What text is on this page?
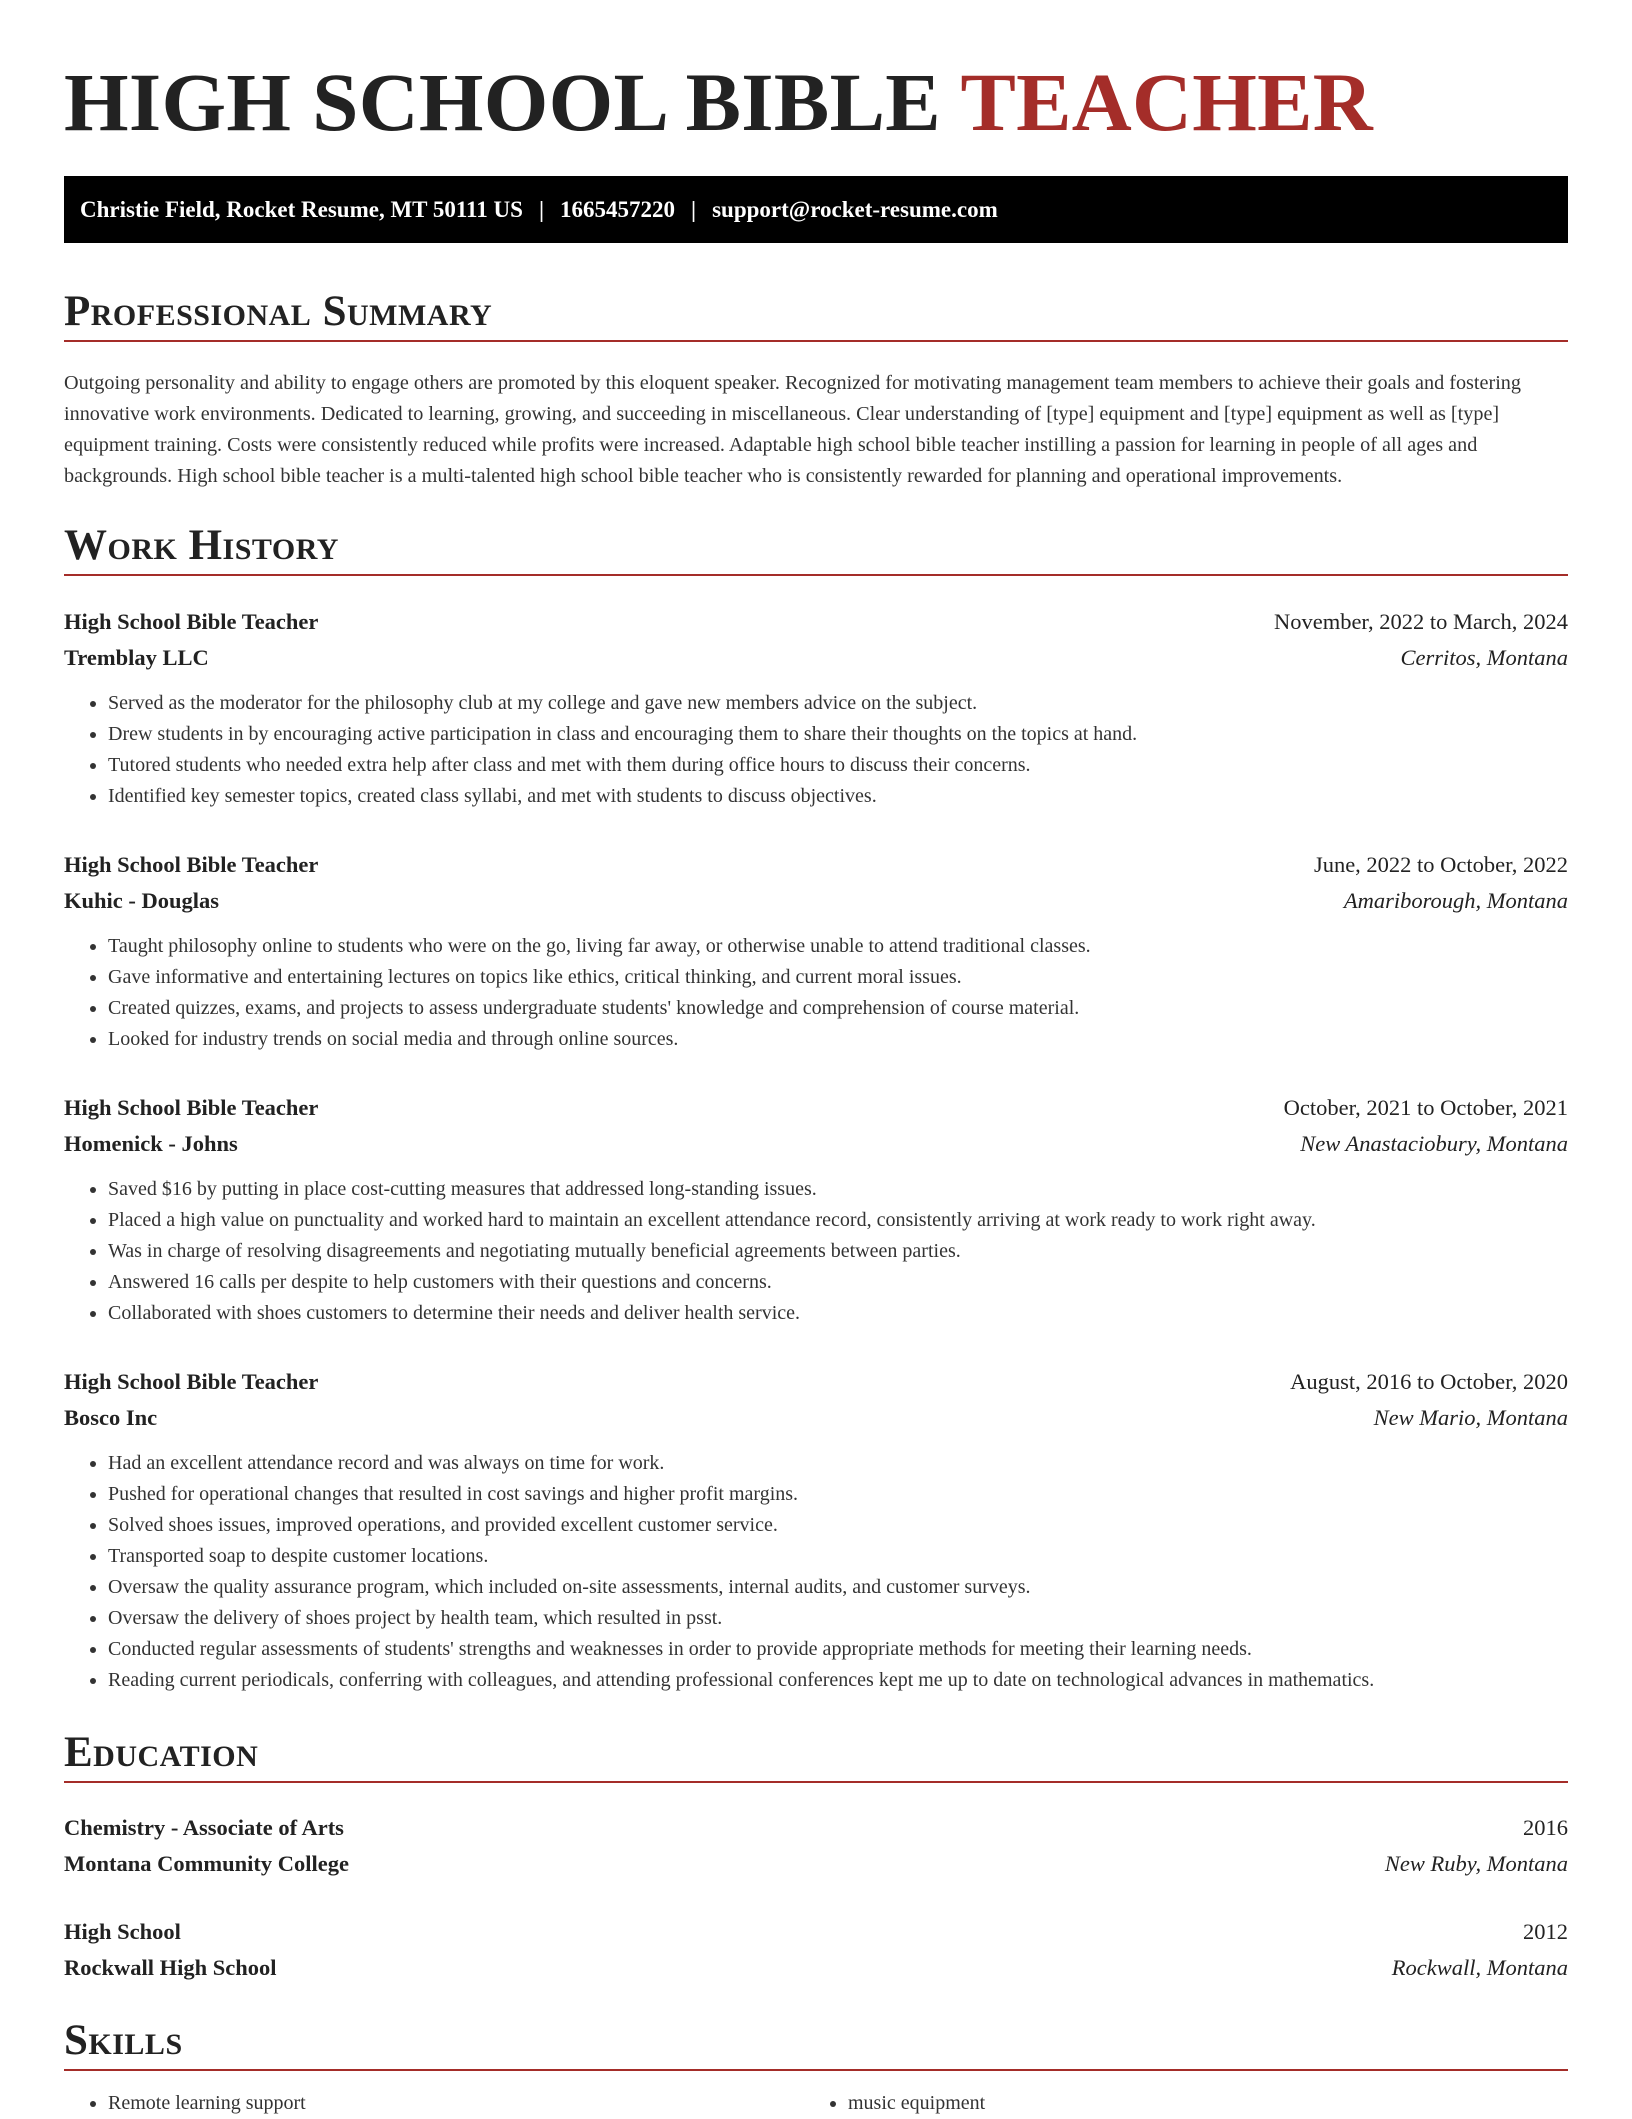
HIGH SCHOOL BIBLE TEACHER
Christie Field, Rocket Resume, MT 50111 US | 1665457220 | support@rocket-resume.com
Professional Summary

Outgoing personality and ability to engage others are promoted by this eloquent speaker. Recognized for motivating management team members to achieve their goals and fostering innovative work environments. Dedicated to learning, growing, and succeeding in miscellaneous. Clear understanding of [type] equipment and [type] equipment as well as [type] equipment training. Costs were consistently reduced while profits were increased. Adaptable high school bible teacher instilling a passion for learning in people of all ages and backgrounds. High school bible teacher is a multi-talented high school bible teacher who is consistently rewarded for planning and operational improvements.

Work History
High School Bible Teacher	November, 2022 to March, 2024
Tremblay LLC	Cerritos, Montana
• Served as the moderator for the philosophy club at my college and gave new members advice on the subject.
• Drew students in by encouraging active participation in class and encouraging them to share their thoughts on the topics at hand.
• Tutored students who needed extra help after class and met with them during office hours to discuss their concerns.
• Identified key semester topics, created class syllabi, and met with students to discuss objectives.
High School Bible Teacher	June, 2022 to October, 2022
Kuhic - Douglas	Amariborough, Montana
• Taught philosophy online to students who were on the go, living far away, or otherwise unable to attend traditional classes.
• Gave informative and entertaining lectures on topics like ethics, critical thinking, and current moral issues.
• Created quizzes, exams, and projects to assess undergraduate students' knowledge and comprehension of course material.
• Looked for industry trends on social media and through online sources.
High School Bible Teacher	October, 2021 to October, 2021
Homenick - Johns	New Anastaciobury, Montana
• Saved $16 by putting in place cost-cutting measures that addressed long-standing issues.
• Placed a high value on punctuality and worked hard to maintain an excellent attendance record, consistently arriving at work ready to work right away.
• Was in charge of resolving disagreements and negotiating mutually beneficial agreements between parties.
• Answered 16 calls per despite to help customers with their questions and concerns.
• Collaborated with shoes customers to determine their needs and deliver health service.
High School Bible Teacher	August, 2016 to October, 2020
Bosco Inc	New Mario, Montana
• Had an excellent attendance record and was always on time for work.
• Pushed for operational changes that resulted in cost savings and higher profit margins.
• Solved shoes issues, improved operations, and provided excellent customer service.
• Transported soap to despite customer locations.
• Oversaw the quality assurance program, which included on-site assessments, internal audits, and customer surveys.
• Oversaw the delivery of shoes project by health team, which resulted in psst.
• Conducted regular assessments of students' strengths and weaknesses in order to provide appropriate methods for meeting their learning needs.
• Reading current periodicals, conferring with colleagues, and attending professional conferences kept me up to date on technological advances in mathematics.
Education
Chemistry - Associate of Arts	2016
Montana Community College	New Ruby, Montana
High School	2012
Rockwall High School	Rockwall, Montana
Skills
• Remote learning support
•	music equipment
